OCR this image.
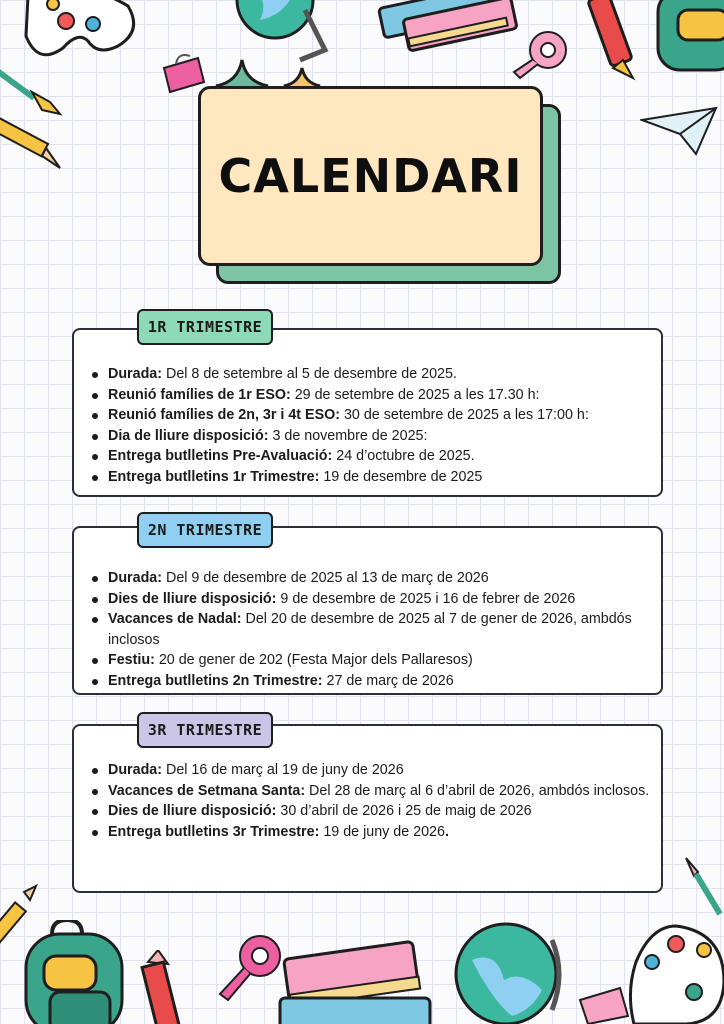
CALENDARI
Durada: Del 8 de setembre al 5 de desembre de 2025.
Reunió famílies de 1r ESO: 29 de setembre de 2025 a les 17.30 h:
Reunió famílies de 2n, 3r i 4t ESO: 30 de setembre de 2025 a les 17:00 h:
Dia de lliure disposició: 3 de novembre de 2025:
Entrega butlletins Pre-Avaluació: 24 d’octubre de 2025.
Entrega butlletins 1r Trimestre: 19 de desembre de 2025
1R TRIMESTRE
Durada: Del 9 de desembre de 2025 al 13 de març de 2026
Dies de lliure disposició: 9 de desembre de 2025 i 16 de febrer de 2026
Vacances de Nadal: Del 20 de desembre de 2025 al 7 de gener de 2026, ambdós inclosos
Festiu: 20 de gener de 202 (Festa Major dels Pallaresos)
Entrega butlletins 2n Trimestre: 27 de març de 2026
2N TRIMESTRE
Durada: Del 16 de març al 19 de juny de 2026
Vacances de Setmana Santa: Del 28 de març al 6 d’abril de 2026, ambdós inclosos.
Dies de lliure disposició: 30 d’abril de 2026 i 25 de maig de 2026
Entrega butlletins 3r Trimestre: 19 de juny de 2026.
3R TRIMESTRE
